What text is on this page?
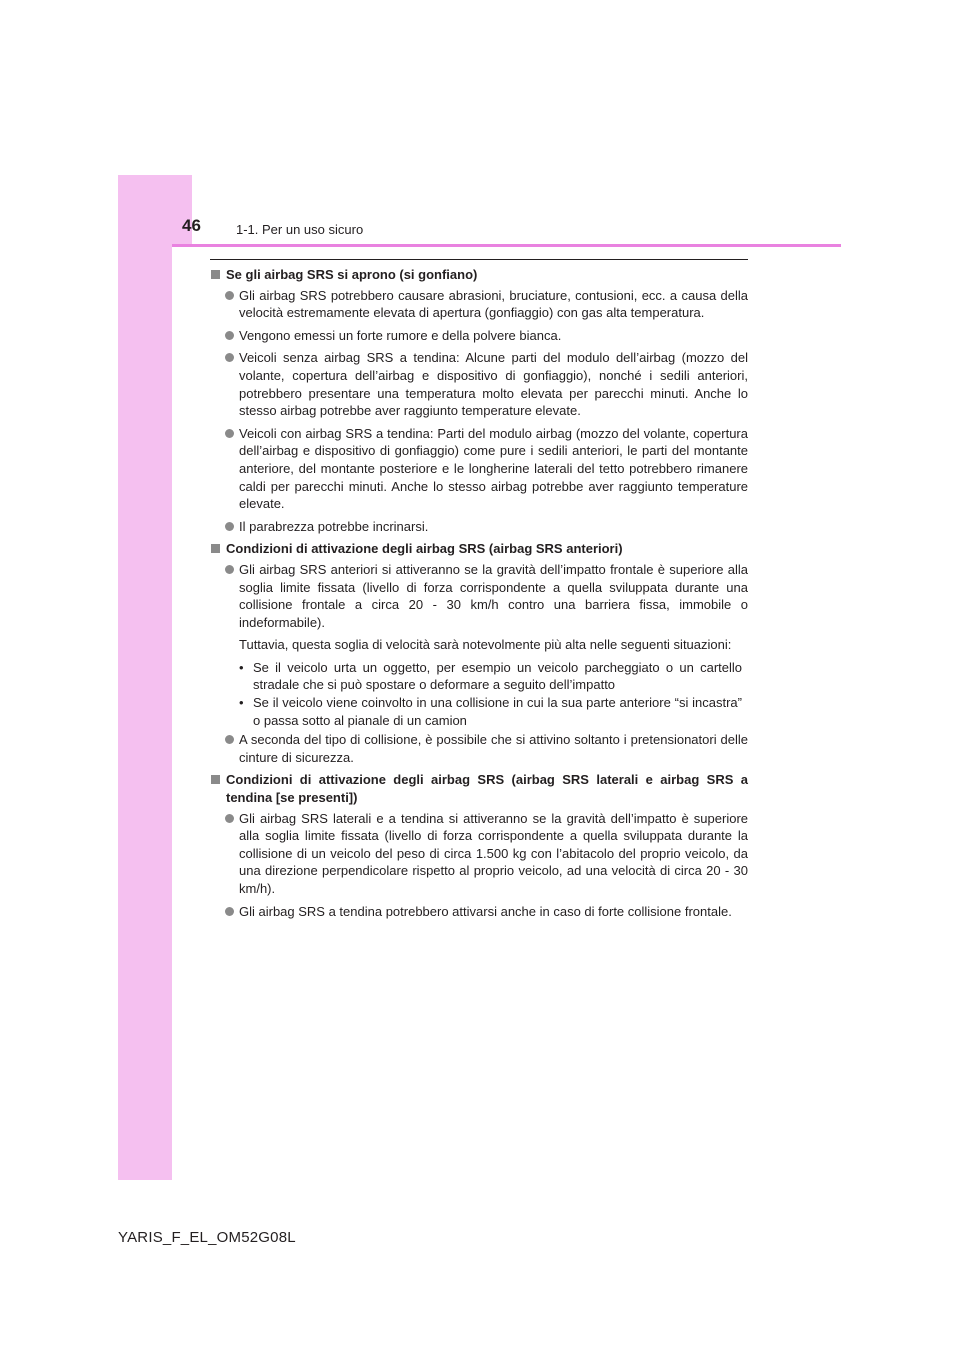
46	1-1. Per un uso sicuro
Se gli airbag SRS si aprono (si gonfiano)
Gli airbag SRS potrebbero causare abrasioni, bruciature, contusioni, ecc. a causa della velocità estremamente elevata di apertura (gonfiaggio) con gas alta temperatura.
Vengono emessi un forte rumore e della polvere bianca.
Veicoli senza airbag SRS a tendina: Alcune parti del modulo dell’airbag (mozzo del volante, copertura dell’airbag e dispositivo di gonfiaggio), nonché i sedili anteriori, potrebbero presentare una temperatura molto elevata per parecchi minuti. Anche lo stesso airbag potrebbe aver raggiunto temperature elevate.
Veicoli con airbag SRS a tendina: Parti del modulo airbag (mozzo del volante, copertura dell’airbag e dispositivo di gonfiaggio) come pure i sedili anteriori, le parti del montante anteriore, del montante posteriore e le longherine laterali del tetto potrebbero rimanere caldi per parecchi minuti. Anche lo stesso airbag potrebbe aver raggiunto temperature elevate.
Il parabrezza potrebbe incrinarsi.
Condizioni di attivazione degli airbag SRS (airbag SRS anteriori)
Gli airbag SRS anteriori si attiveranno se la gravità dell’impatto frontale è superiore alla soglia limite fissata (livello di forza corrispondente a quella sviluppata durante una collisione frontale a circa 20 - 30 km/h contro una barriera fissa, immobile o indeformabile).
Tuttavia, questa soglia di velocità sarà notevolmente più alta nelle seguenti situazioni:
• Se il veicolo urta un oggetto, per esempio un veicolo parcheggiato o un cartello stradale che si può spostare o deformare a seguito dell’impatto
• Se il veicolo viene coinvolto in una collisione in cui la sua parte anteriore “si incastra” o passa sotto al pianale di un camion
A seconda del tipo di collisione, è possibile che si attivino soltanto i pretensionatori delle cinture di sicurezza.
Condizioni di attivazione degli airbag SRS (airbag SRS laterali e airbag SRS a tendina [se presenti])
Gli airbag SRS laterali e a tendina si attiveranno se la gravità dell’impatto è superiore alla soglia limite fissata (livello di forza corrispondente a quella sviluppata durante la collisione di un veicolo del peso di circa 1.500 kg con l’abitacolo del proprio veicolo, da una direzione perpendicolare rispetto al proprio veicolo, ad una velocità di circa 20 - 30 km/h).
Gli airbag SRS a tendina potrebbero attivarsi anche in caso di forte collisione frontale.
YARIS_F_EL_OM52G08L
